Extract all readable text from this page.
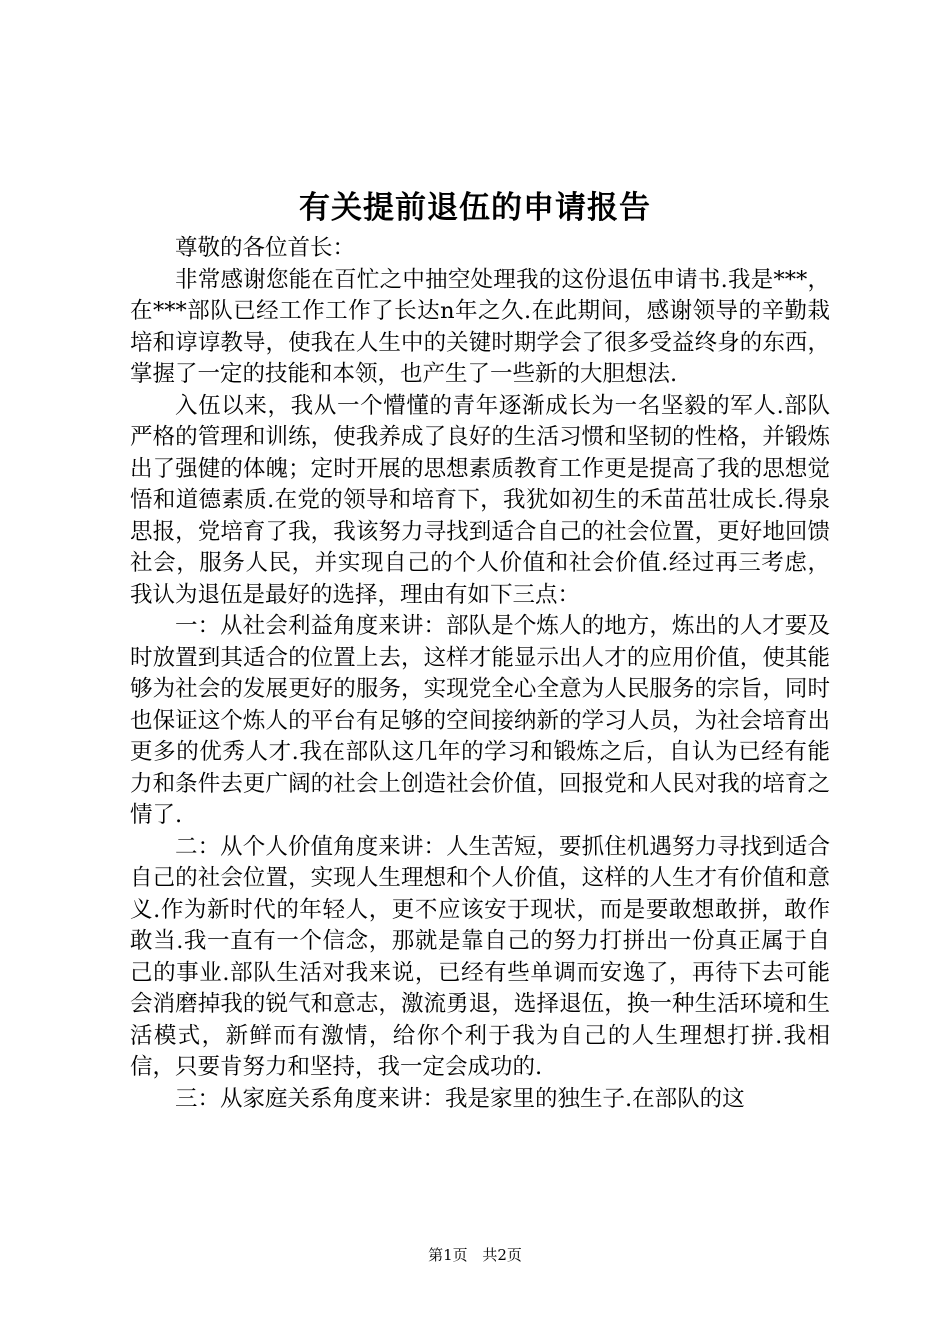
有关提前退伍的申请报告

尊敬的各位首长：

非常感谢您能在百忙之中抽空处理我的这份退伍申请书.我是***，在***部队已经工作工作了长达n年之久.在此期间，感谢领导的辛勤栽培和谆谆教导，使我在人生中的关键时期学会了很多受益终身的东西，掌握了一定的技能和本领，也产生了一些新的大胆想法.

入伍以来，我从一个懵懂的青年逐渐成长为一名坚毅的军人.部队严格的管理和训练，使我养成了良好的生活习惯和坚韧的性格，并锻炼出了强健的体魄；定时开展的思想素质教育工作更是提高了我的思想觉悟和道德素质.在党的领导和培育下，我犹如初生的禾苗茁壮成长.得泉思报，党培育了我，我该努力寻找到适合自己的社会位置，更好地回馈社会，服务人民，并实现自己的个人价值和社会价值.经过再三考虑，我认为退伍是最好的选择，理由有如下三点：

一：从社会利益角度来讲：部队是个炼人的地方，炼出的人才要及时放置到其适合的位置上去，这样才能显示出人才的应用价值，使其能够为社会的发展更好的服务，实现党全心全意为人民服务的宗旨，同时也保证这个炼人的平台有足够的空间接纳新的学习人员，为社会培育出更多的优秀人才.我在部队这几年的学习和锻炼之后，自认为已经有能力和条件去更广阔的社会上创造社会价值，回报党和人民对我的培育之情了.

二：从个人价值角度来讲：人生苦短，要抓住机遇努力寻找到适合自己的社会位置，实现人生理想和个人价值，这样的人生才有价值和意义.作为新时代的年轻人，更不应该安于现状，而是要敢想敢拼，敢作敢当.我一直有一个信念，那就是靠自己的努力打拼出一份真正属于自己的事业.部队生活对我来说，已经有些单调而安逸了，再待下去可能会消磨掉我的锐气和意志，激流勇退，选择退伍，换一种生活环境和生活模式，新鲜而有激情，给你个利于我为自己的人生理想打拼.我相信，只要肯努力和坚持，我一定会成功的.

三：从家庭关系角度来讲：我是家里的独生子.在部队的这

第1页 共2页
